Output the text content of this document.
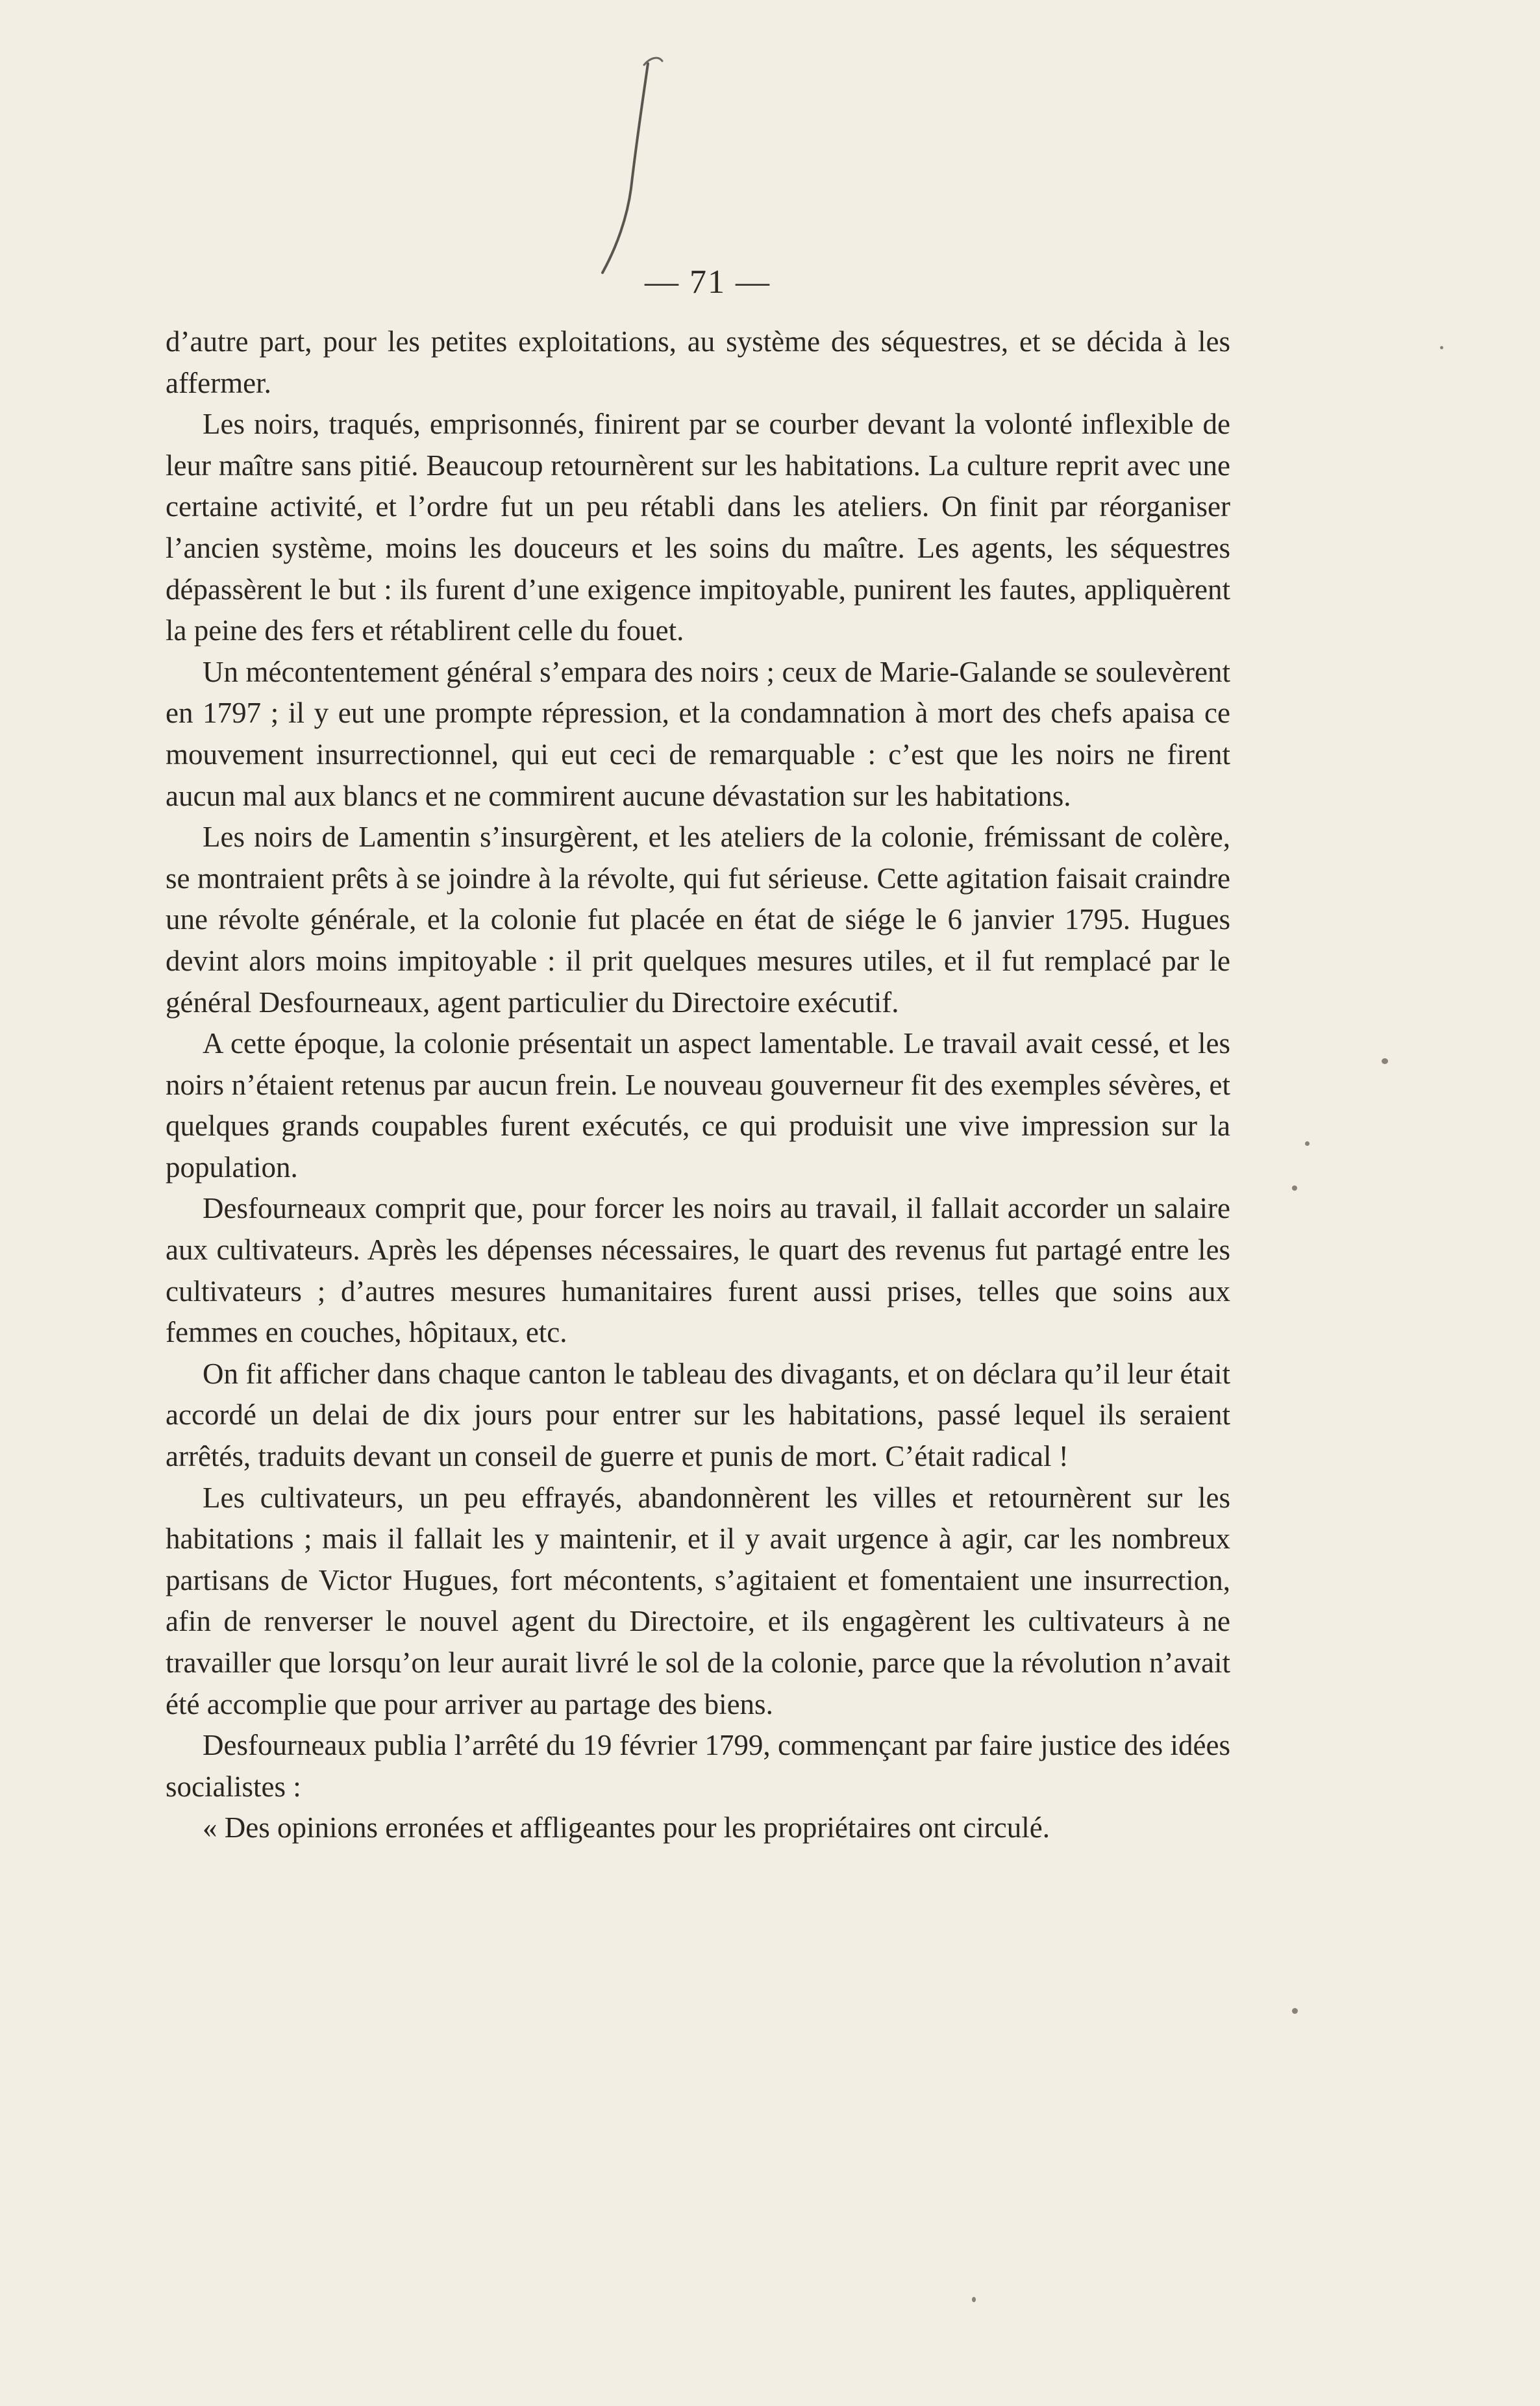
— 71 —

d’autre part, pour les petites exploitations, au système des séquestres, et se décida à les affermer.

Les noirs, traqués, emprisonnés, finirent par se courber devant la volonté inflexible de leur maître sans pitié. Beaucoup retournèrent sur les habitations. La culture reprit avec une certaine activité, et l’ordre fut un peu rétabli dans les ateliers. On finit par réorganiser l’ancien système, moins les douceurs et les soins du maître. Les agents, les séquestres dépassèrent le but : ils furent d’une exigence impitoyable, punirent les fautes, appliquèrent la peine des fers et rétablirent celle du fouet.

Un mécontentement général s’empara des noirs ; ceux de Marie-Galande se soulevèrent en 1797 ; il y eut une prompte répression, et la condamnation à mort des chefs apaisa ce mouvement insurrectionnel, qui eut ceci de remarquable : c’est que les noirs ne firent aucun mal aux blancs et ne commirent aucune dévastation sur les habitations.

Les noirs de Lamentin s’insurgèrent, et les ateliers de la colonie, frémissant de colère, se montraient prêts à se joindre à la révolte, qui fut sérieuse. Cette agitation faisait craindre une révolte générale, et la colonie fut placée en état de siége le 6 janvier 1795. Hugues devint alors moins impitoyable : il prit quelques mesures utiles, et il fut remplacé par le général Desfourneaux, agent particulier du Directoire exécutif.

A cette époque, la colonie présentait un aspect lamentable. Le travail avait cessé, et les noirs n’étaient retenus par aucun frein. Le nouveau gouverneur fit des exemples sévères, et quelques grands coupables furent exécutés, ce qui produisit une vive impression sur la population.

Desfourneaux comprit que, pour forcer les noirs au travail, il fallait accorder un salaire aux cultivateurs. Après les dépenses nécessaires, le quart des revenus fut partagé entre les cultivateurs ; d’autres mesures humanitaires furent aussi prises, telles que soins aux femmes en couches, hôpitaux, etc.

On fit afficher dans chaque canton le tableau des divagants, et on déclara qu’il leur était accordé un delai de dix jours pour entrer sur les habitations, passé lequel ils seraient arrêtés, traduits devant un conseil de guerre et punis de mort. C’était radical !

Les cultivateurs, un peu effrayés, abandonnèrent les villes et retournèrent sur les habitations ; mais il fallait les y maintenir, et il y avait urgence à agir, car les nombreux partisans de Victor Hugues, fort mécontents, s’agitaient et fomentaient une insurrection, afin de renverser le nouvel agent du Directoire, et ils engagèrent les cultivateurs à ne travailler que lorsqu’on leur aurait livré le sol de la colonie, parce que la révolution n’avait été accomplie que pour arriver au partage des biens.

Desfourneaux publia l’arrêté du 19 février 1799, commençant par faire justice des idées socialistes :

« Des opinions erronées et affligeantes pour les propriétaires ont circulé.
